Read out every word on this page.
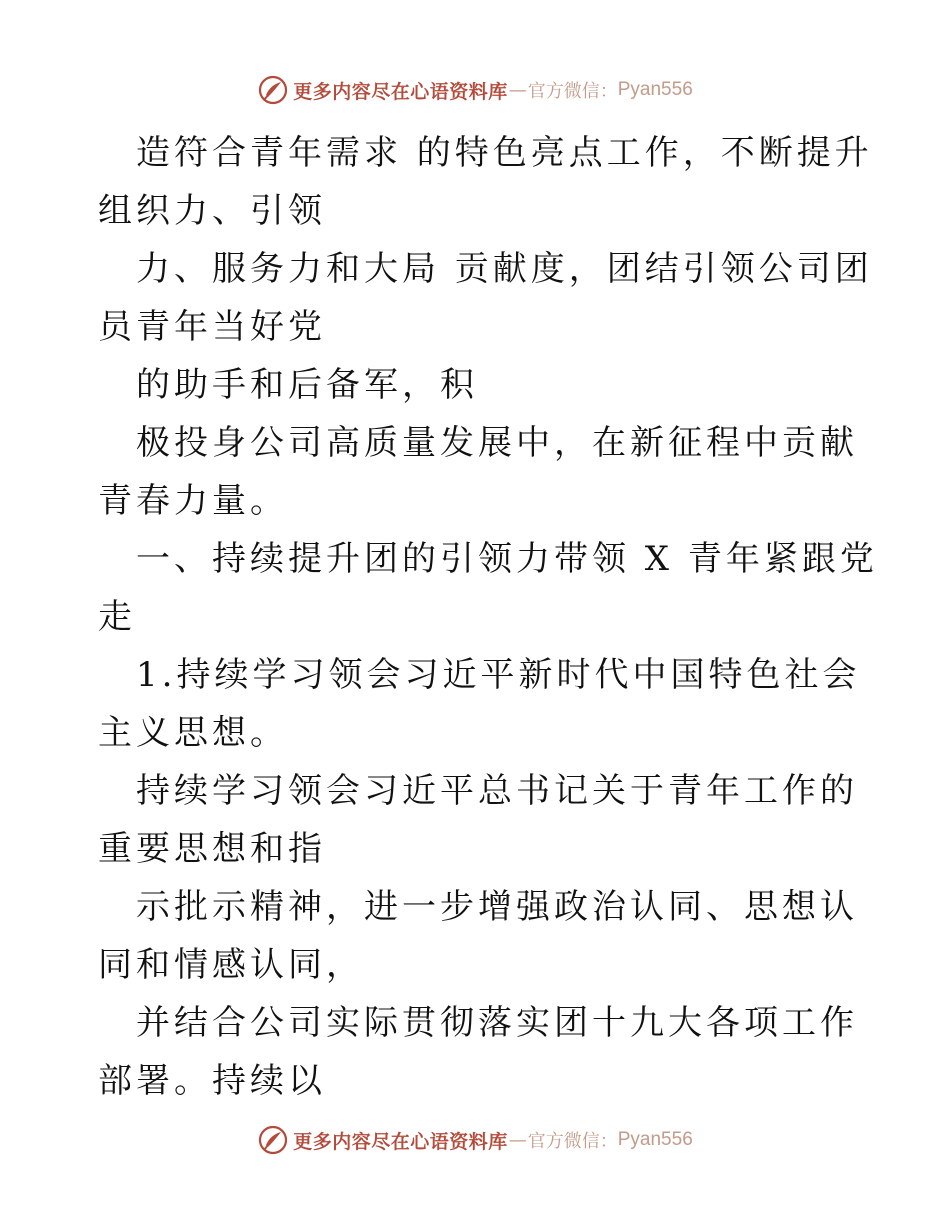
更多内容尽在心语资料库 — 官方微信： Pyan556

造符合青年需求 的特色亮点工作，不断提升组织力、引领

力、服务力和大局 贡献度，团结引领公司团员青年当好党

的助手和后备军，积

极投身公司高质量发展中，在新征程中贡献青春力量。

一、持续提升团的引领力带领 X 青年紧跟党走

1.持续学习领会习近平新时代中国特色社会主义思想。

持续学习领会习近平总书记关于青年工作的重要思想和指

示批示精神，进一步增强政治认同、思想认同和情感认同，

并结合公司实际贯彻落实团十九大各项工作部署。持续以

更多内容尽在心语资料库 — 官方微信： Pyan556
